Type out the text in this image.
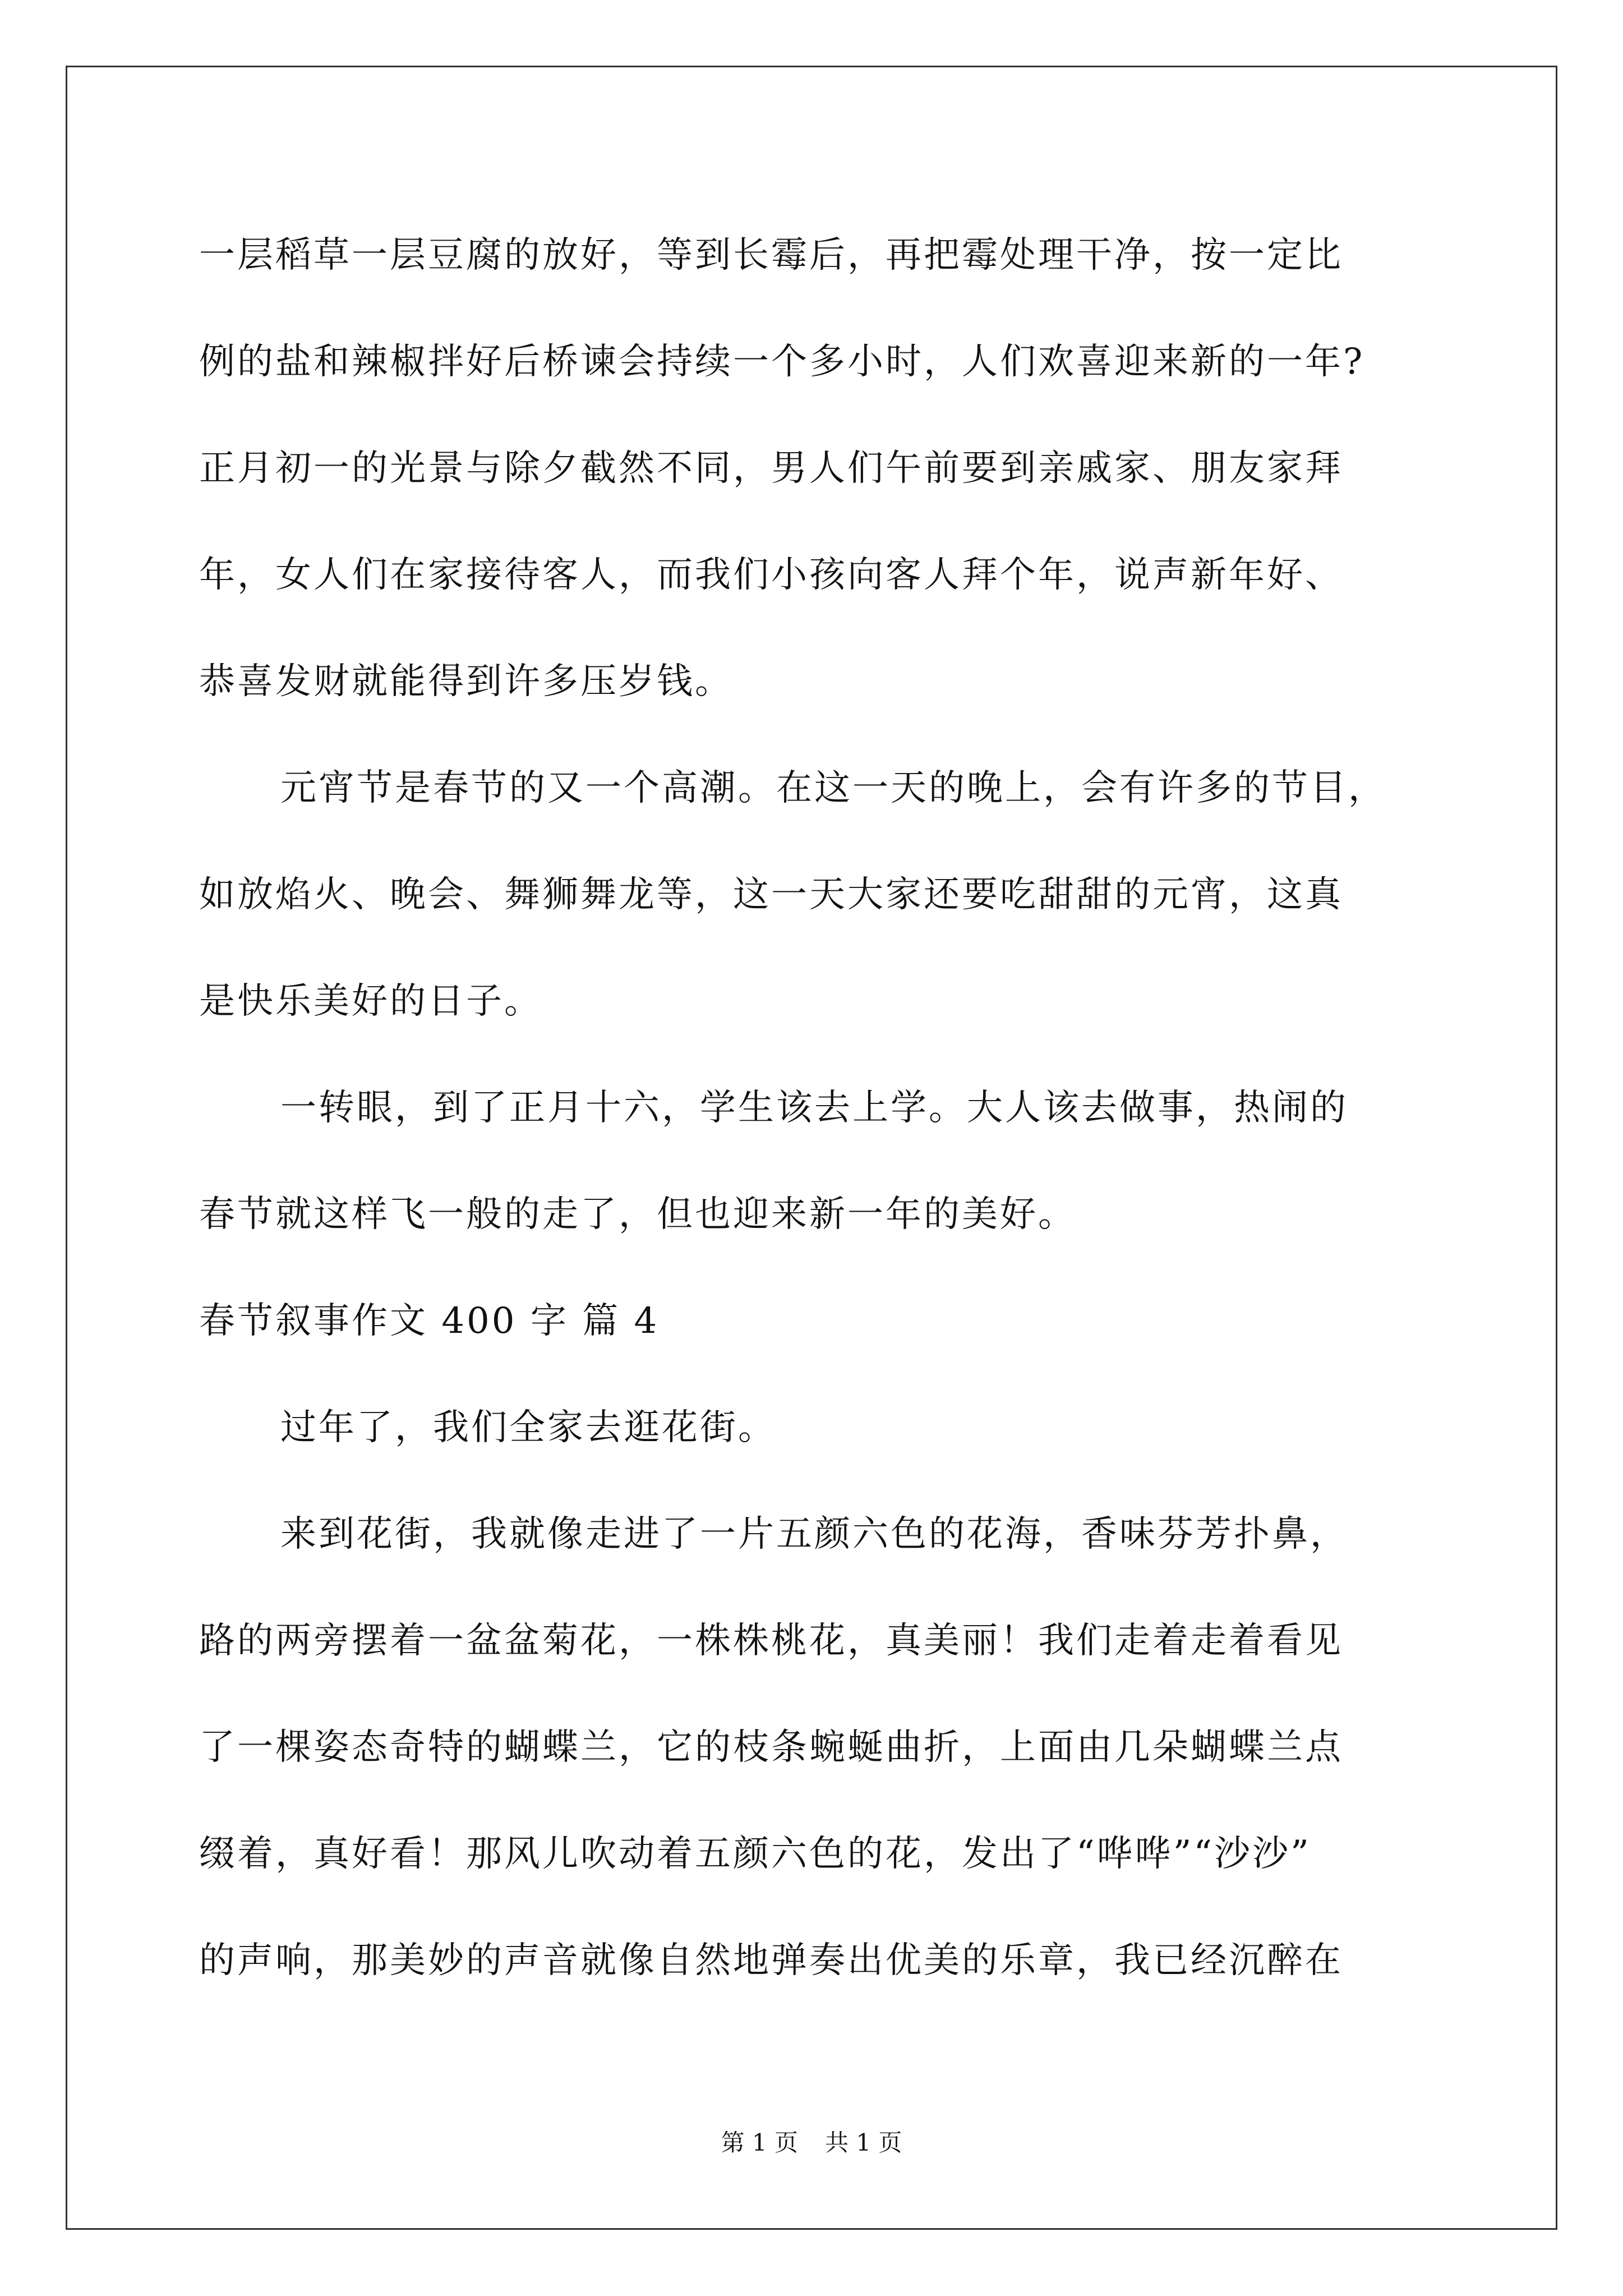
一层稻草一层豆腐的放好，等到长霉后，再把霉处理干净，按一定比
例的盐和辣椒拌好后桥谏会持续一个多小时，人们欢喜迎来新的一年?
正月初一的光景与除夕截然不同，男人们午前要到亲戚家、朋友家拜
年，女人们在家接待客人，而我们小孩向客人拜个年，说声新年好、
恭喜发财就能得到许多压岁钱。
元宵节是春节的又一个高潮。在这一天的晚上，会有许多的节目，
如放焰火、晚会、舞狮舞龙等，这一天大家还要吃甜甜的元宵，这真
是快乐美好的日子。
一转眼，到了正月十六，学生该去上学。大人该去做事，热闹的
春节就这样飞一般的走了，但也迎来新一年的美好。
春节叙事作文 400 字 篇 4
过年了，我们全家去逛花街。
来到花街，我就像走进了一片五颜六色的花海，香味芬芳扑鼻，
路的两旁摆着一盆盆菊花，一株株桃花，真美丽！我们走着走着看见
了一棵姿态奇特的蝴蝶兰，它的枝条蜿蜒曲折，上面由几朵蝴蝶兰点
缀着，真好看！那风儿吹动着五颜六色的花，发出了“哗哗”“沙沙”
的声响，那美妙的声音就像自然地弹奏出优美的乐章，我已经沉醉在
第 1 页 共 1 页
